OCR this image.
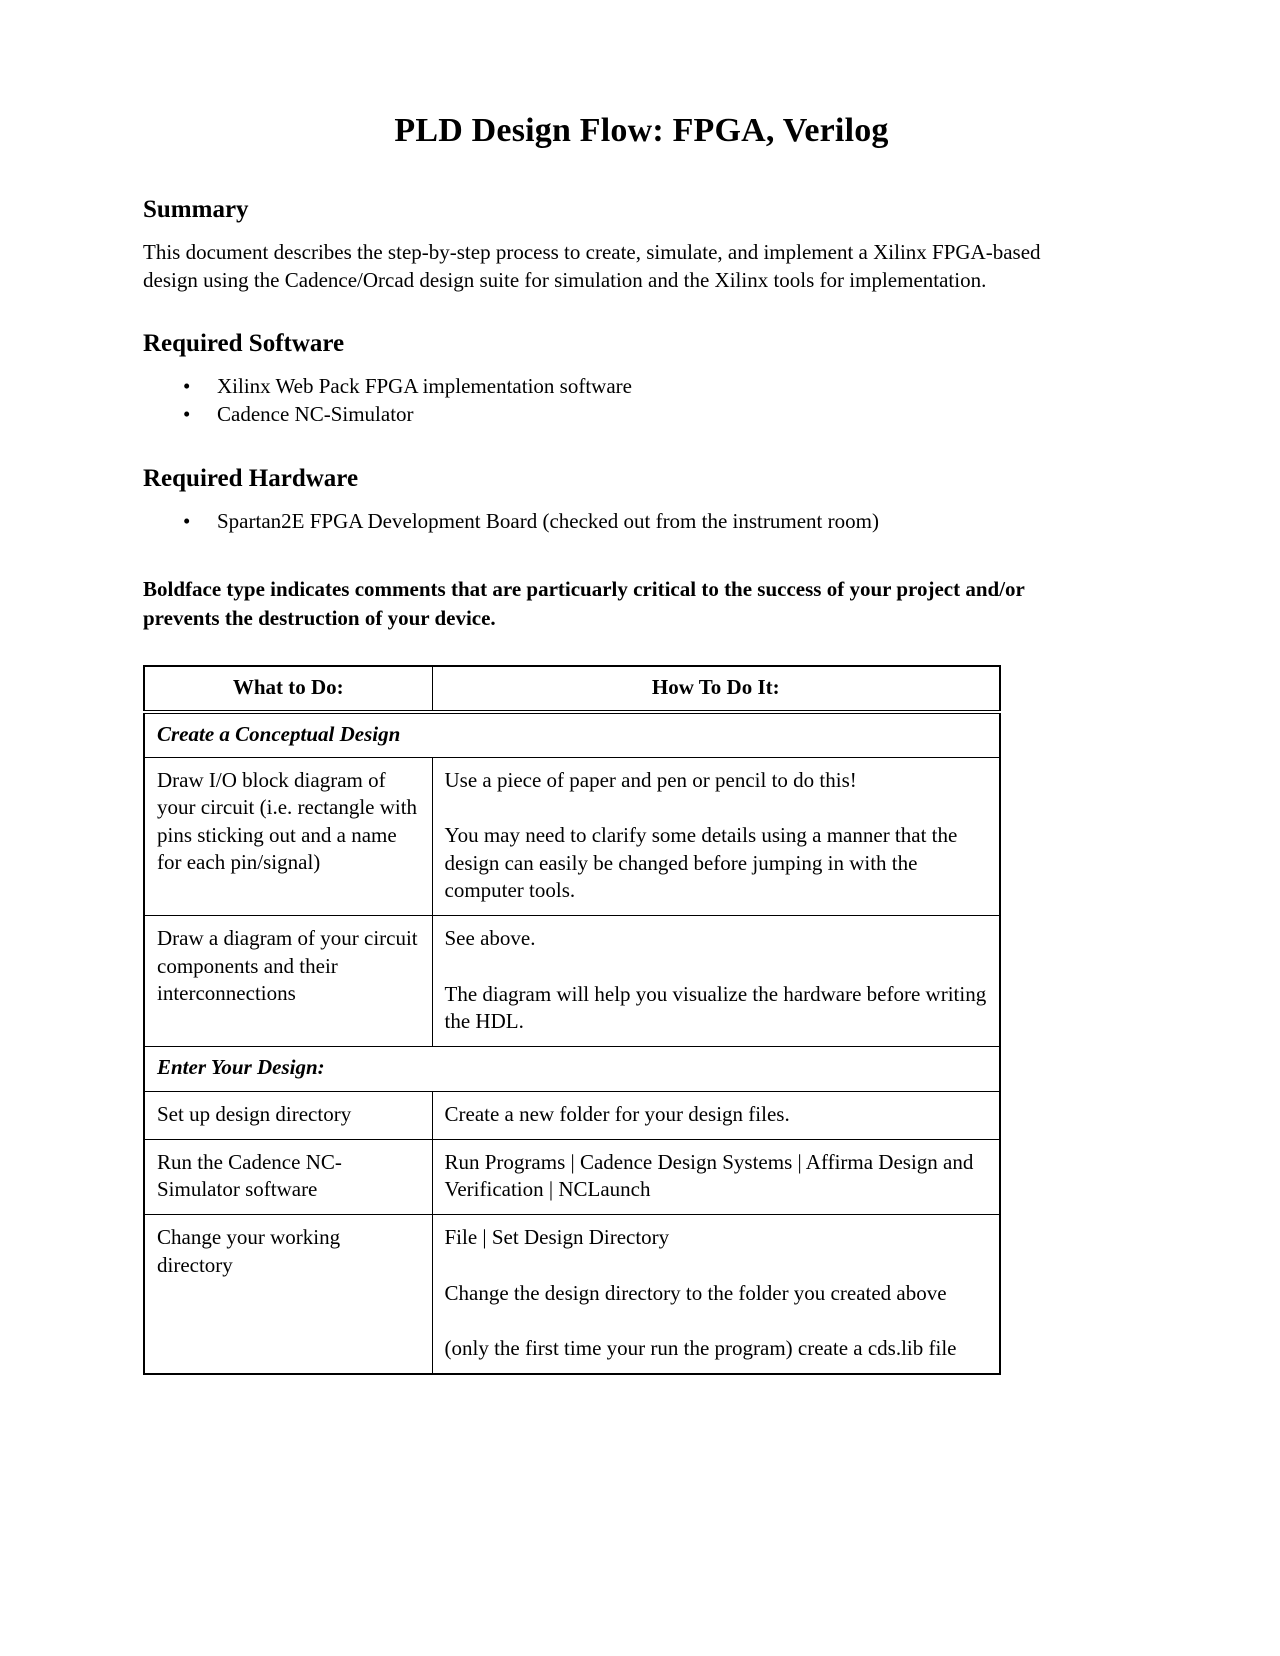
PLD Design Flow: FPGA, Verilog
Summary

This document describes the step-by-step process to create, simulate, and implement a Xilinx FPGA-based design using the Cadence/Orcad design suite for simulation and the Xilinx tools for implementation.

Required Software
• Xilinx Web Pack FPGA implementation software
• Cadence NC-Simulator
Required Hardware
• Spartan2E FPGA Development Board (checked out from the instrument room)

Boldface type indicates comments that are particuarly critical to the success of your project and/or prevents the destruction of your device.

What to Do:	How To Do It:
Create a Conceptual Design	
Draw I/O block diagram of your circuit (i.e. rectangle with pins sticking out and a name for each pin/signal)	Use a piece of paper and pen or pencil to do this!

You may need to clarify some details using a manner that the design can easily be changed before jumping in with the computer tools.

Draw a diagram of your circuit components and their interconnections	See above.

The diagram will help you visualize the hardware before writing the HDL.

Enter Your Design:	
Set up design directory	Create a new folder for your design files.

Run the Cadence NC-Simulator software	Run Programs | Cadence Design Systems | Affirma Design and Verification | NCLaunch

Change your working directory	File | Set Design Directory

Change the design directory to the folder you created above

(only the first time your run the program) create a cds.lib file
